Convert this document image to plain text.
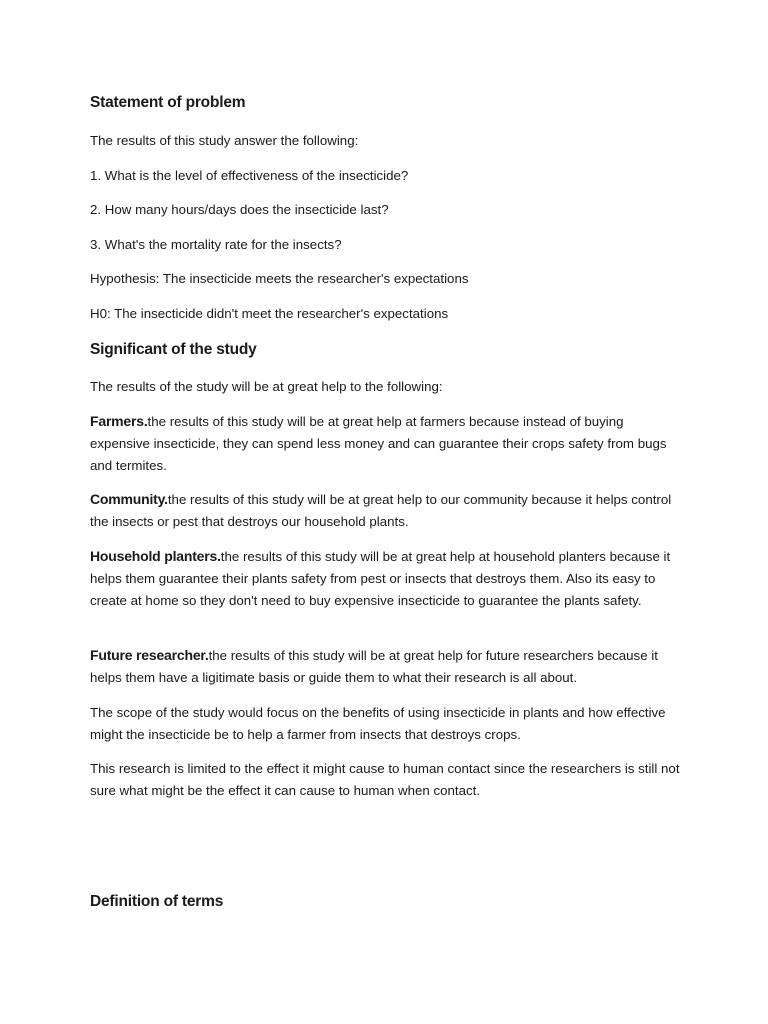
Statement of problem

The results of this study answer the following:

1. What is the level of effectiveness of the insecticide?

2. How many hours/days does the insecticide last?

3. What's the mortality rate for the insects?

Hypothesis: The insecticide meets the researcher's expectations

H0: The insecticide didn't meet the researcher's expectations

Significant of the study

The results of the study will be at great help to the following:

Farmers.the results of this study will be at great help at farmers because instead of buying expensive insecticide, they can spend less money and can guarantee their crops safety from bugs and termites.

Community.the results of this study will be at great help to our community because it helps control the insects or pest that destroys our household plants.

Household planters.the results of this study will be at great help at household planters because it helps them guarantee their plants safety from pest or insects that destroys them. Also its easy to create at home so they don't need to buy expensive insecticide to guarantee the plants safety.

Future researcher.the results of this study will be at great help for future researchers because it helps them have a ligitimate basis or guide them to what their research is all about.

The scope of the study would focus on the benefits of using insecticide in plants and how effective might the insecticide be to help a farmer from insects that destroys crops.

This research is limited to the effect it might cause to human contact since the researchers is still not sure what might be the effect it can cause to human when contact.

Definition of terms
